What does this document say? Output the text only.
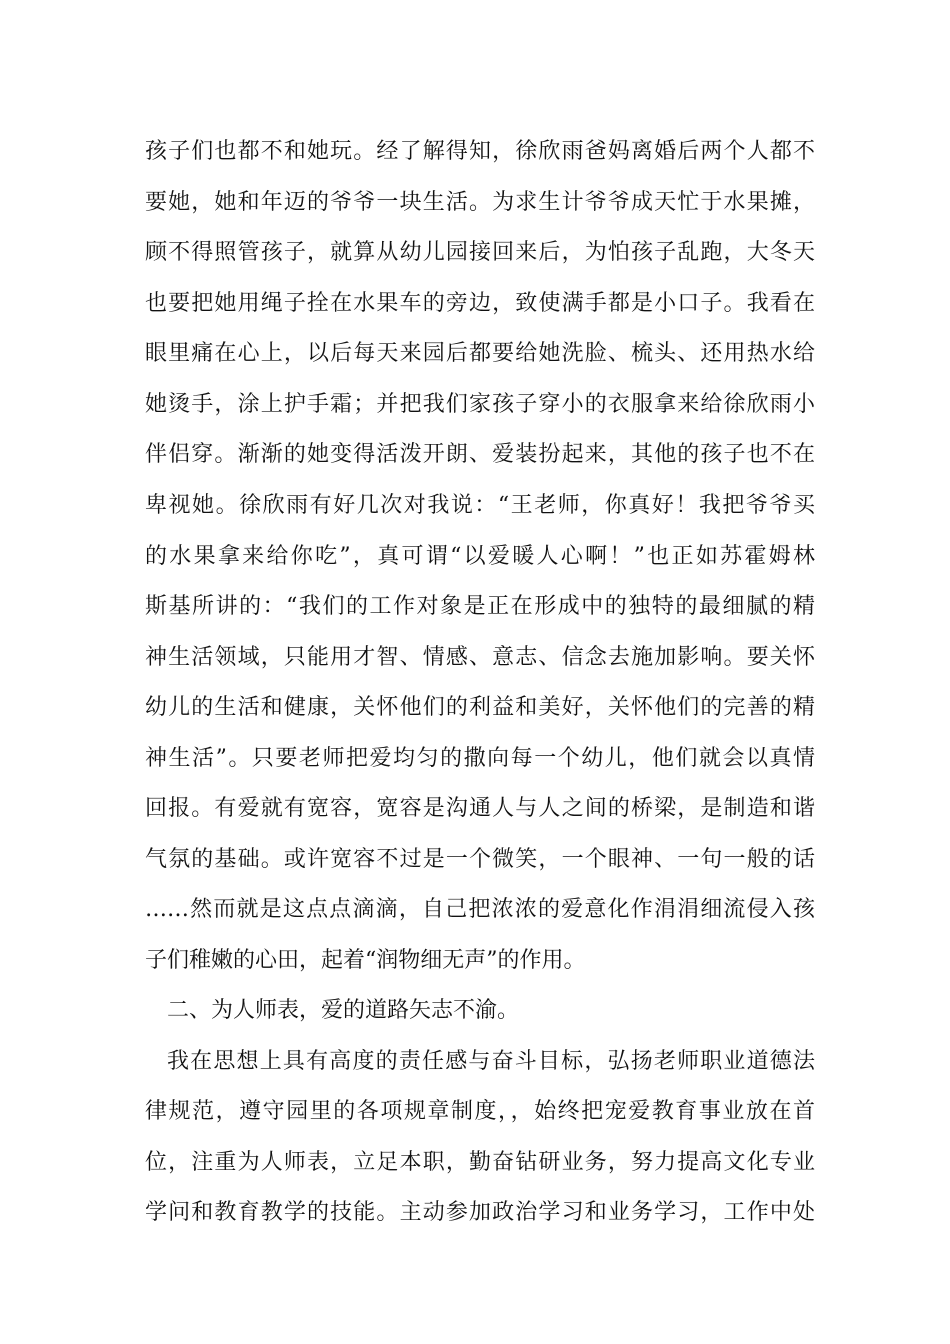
孩子们也都不和她玩。经了解得知，徐欣雨爸妈离婚后两个人都不
要她，她和年迈的爷爷一块生活。为求生计爷爷成天忙于水果摊，
顾不得照管孩子，就算从幼儿园接回来后，为怕孩子乱跑，大冬天
也要把她用绳子拴在水果车的旁边，致使满手都是小口子。我看在
眼里痛在心上，以后每天来园后都要给她洗脸、梳头、还用热水给
她烫手，涂上护手霜；并把我们家孩子穿小的衣服拿来给徐欣雨小
伴侣穿。渐渐的她变得活泼开朗、爱装扮起来，其他的孩子也不在
卑视她。徐欣雨有好几次对我说：“王老师，你真好！我把爷爷买
的水果拿来给你吃”，真可谓“以爱暖人心啊！”也正如苏霍姆林
斯基所讲的：“我们的工作对象是正在形成中的独特的最细腻的精
神生活领域，只能用才智、情感、意志、信念去施加影响。要关怀
幼儿的生活和健康，关怀他们的利益和美好，关怀他们的完善的精
神生活”。只要老师把爱均匀的撒向每一个幼儿，他们就会以真情
回报。有爱就有宽容，宽容是沟通人与人之间的桥梁，是制造和谐
气氛的基础。或许宽容不过是一个微笑，一个眼神、一句一般的话
……然而就是这点点滴滴，自己把浓浓的爱意化作涓涓细流侵入孩
子们稚嫩的心田，起着“润物细无声”的作用。
二、为人师表，爱的道路矢志不渝。
我在思想上具有高度的责任感与奋斗目标，弘扬老师职业道德法
律规范，遵守园里的各项规章制度，，始终把宠爱教育事业放在首
位，注重为人师表，立足本职，勤奋钻研业务，努力提高文化专业
学问和教育教学的技能。主动参加政治学习和业务学习，工作中处
